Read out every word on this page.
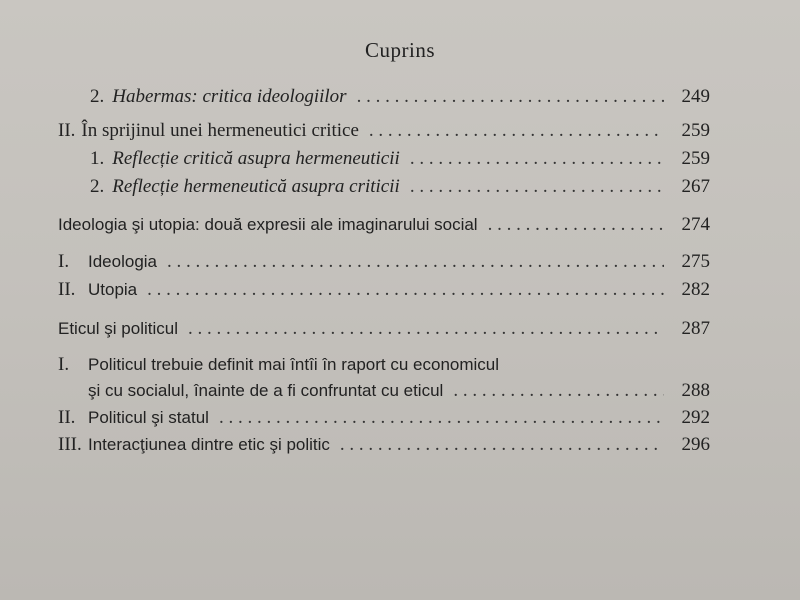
Cuprins
2. Habermas: critica ideologiilor . . .	249
II. În sprijinul unei hermeneutici critice . . .	259
1. Reflecție critică asupra hermeneuticii . . .	259
2. Reflecție hermeneutică asupra criticii . . .	267
Ideologia şi utopia: două expresii ale imaginarului social . . .	274
I.	Ideologia . . .	275
II. Utopia . . .	282
Eticul şi politicul . . .	287
I.	Politicul trebuie definit mai întîi în raport cu economicul
şi cu socialul, înainte de a fi confruntat cu eticul . . .	288
II. Politicul şi statul . . .	292
III. Interacţiunea dintre etic şi politic . . .	296
